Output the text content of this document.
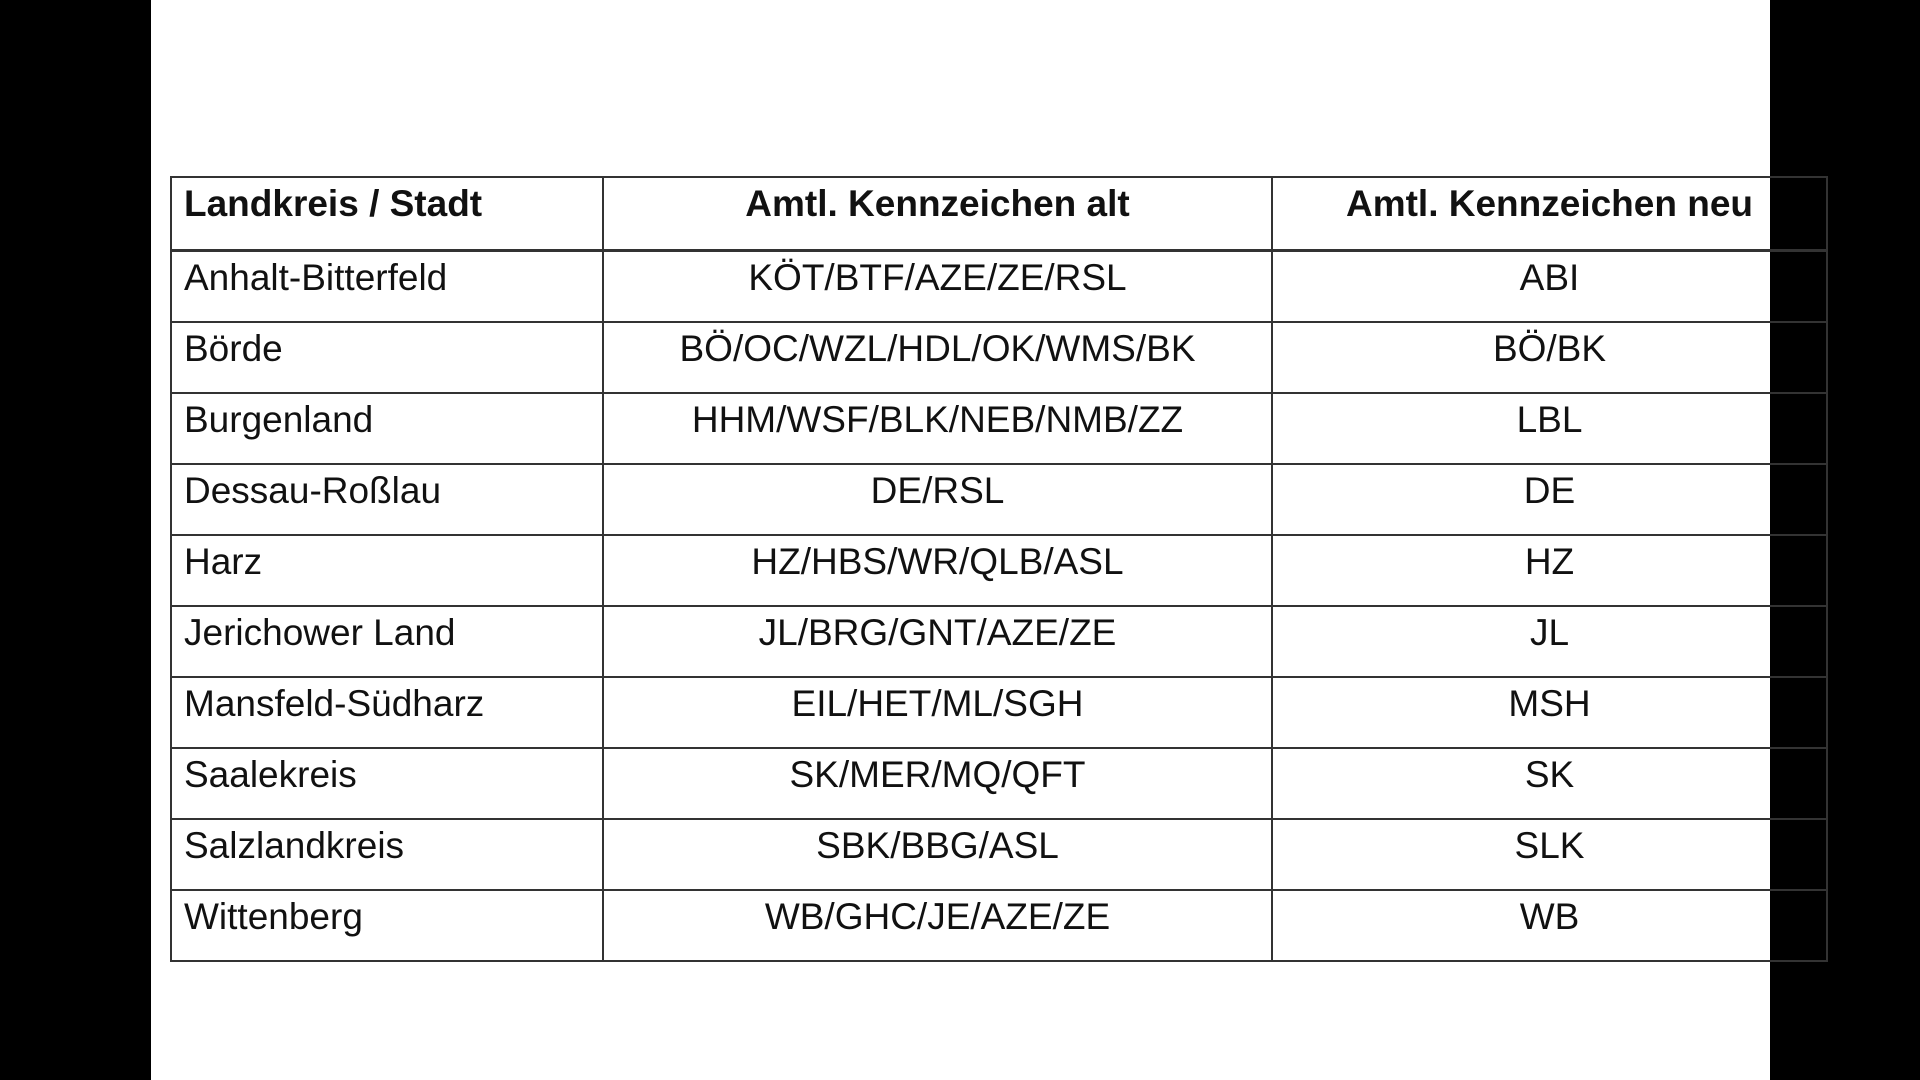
Landkreis / Stadt	Amtl. Kennzeichen alt	Amtl. Kennzeichen neu
Anhalt-Bitterfeld	KÖT/BTF/AZE/ZE/RSL	ABI
Börde	BÖ/OC/WZL/HDL/OK/WMS/BK	BÖ/BK
Burgenland	HHM/WSF/BLK/NEB/NMB/ZZ	LBL
Dessau-Roßlau	DE/RSL	DE
Harz	HZ/HBS/WR/QLB/ASL	HZ
Jerichower Land	JL/BRG/GNT/AZE/ZE	JL
Mansfeld-Südharz	EIL/HET/ML/SGH	MSH
Saalekreis	SK/MER/MQ/QFT	SK
Salzlandkreis	SBK/BBG/ASL	SLK
Wittenberg	WB/GHC/JE/AZE/ZE	WB
